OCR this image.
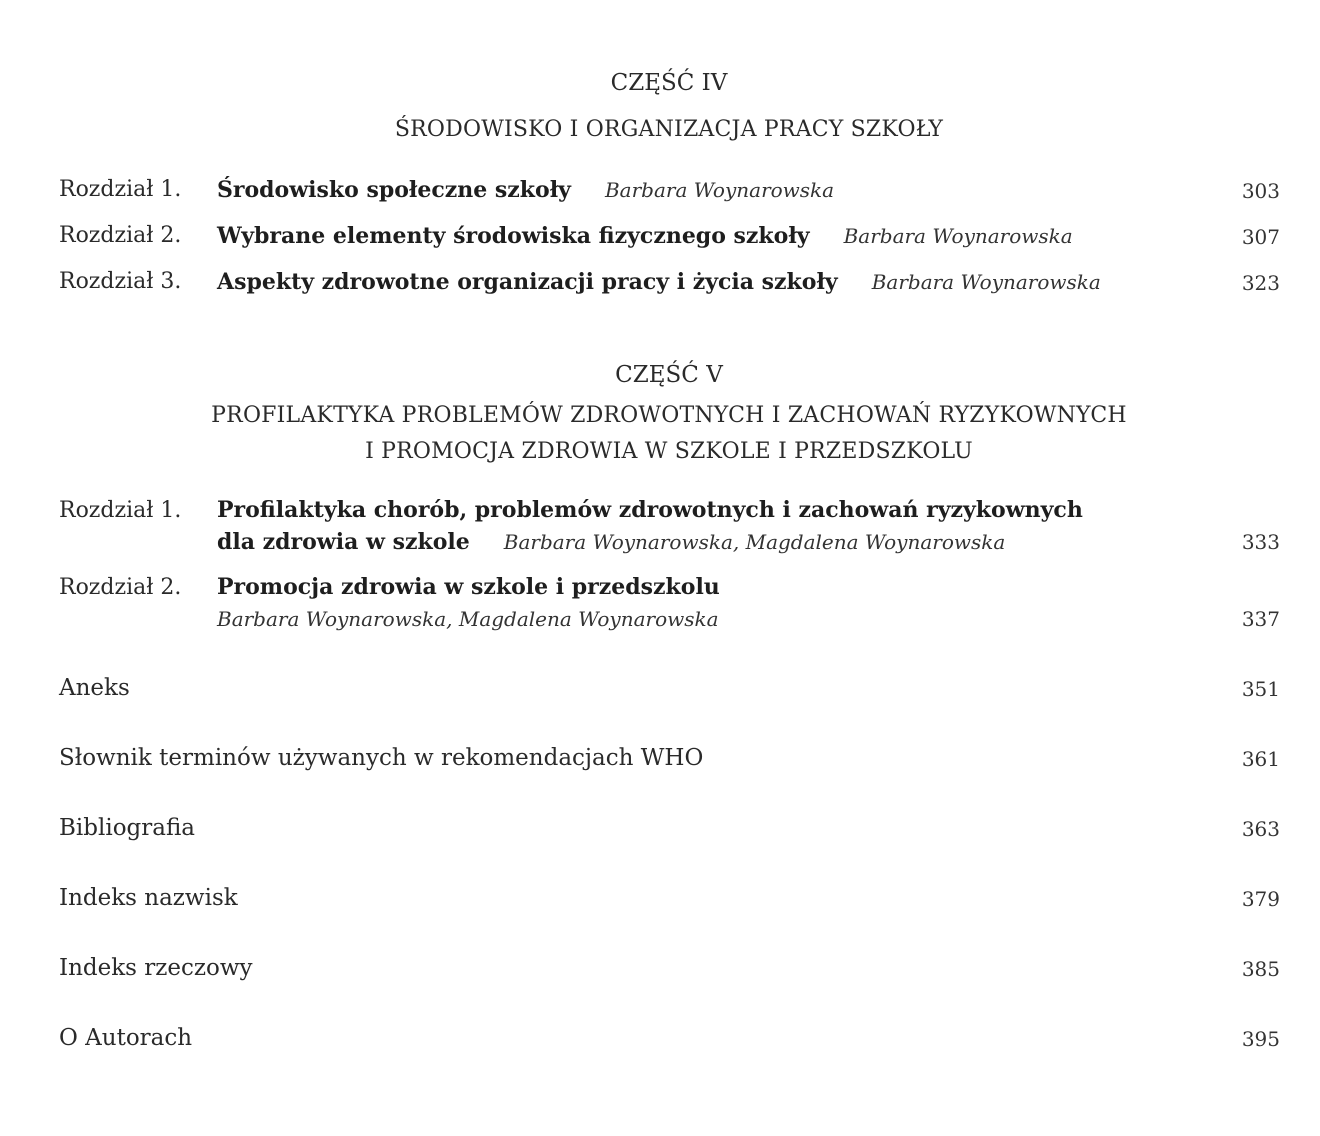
CZĘŚĆ IV
ŚRODOWISKO I ORGANIZACJA PRACY SZKOŁY
Rozdział 1. Środowisko społeczne szkoły Barbara Woynarowska	303
Rozdział 2. Wybrane elementy środowiska fizycznego szkoły Barbara Woynarowska	307
Rozdział 3. Aspekty zdrowotne organizacji pracy i życia szkoły Barbara Woynarowska	323
CZĘŚĆ V
PROFILAKTYKA PROBLEMÓW ZDROWOTNYCH I ZACHOWAŃ RYZYKOWNYCH
I PROMOCJA ZDROWIA W SZKOLE I PRZEDSZKOLU
Rozdział 1. Profilaktyka chorób, problemów zdrowotnych i zachowań ryzykownych
dla zdrowia w szkole Barbara Woynarowska, Magdalena Woynarowska	333
Rozdział 2. Promocja zdrowia w szkole i przedszkolu
Barbara Woynarowska, Magdalena Woynarowska	337
Aneks	351
Słownik terminów używanych w rekomendacjach WHO	361
Bibliografia	363
Indeks nazwisk	379
Indeks rzeczowy	385
O Autorach	395
